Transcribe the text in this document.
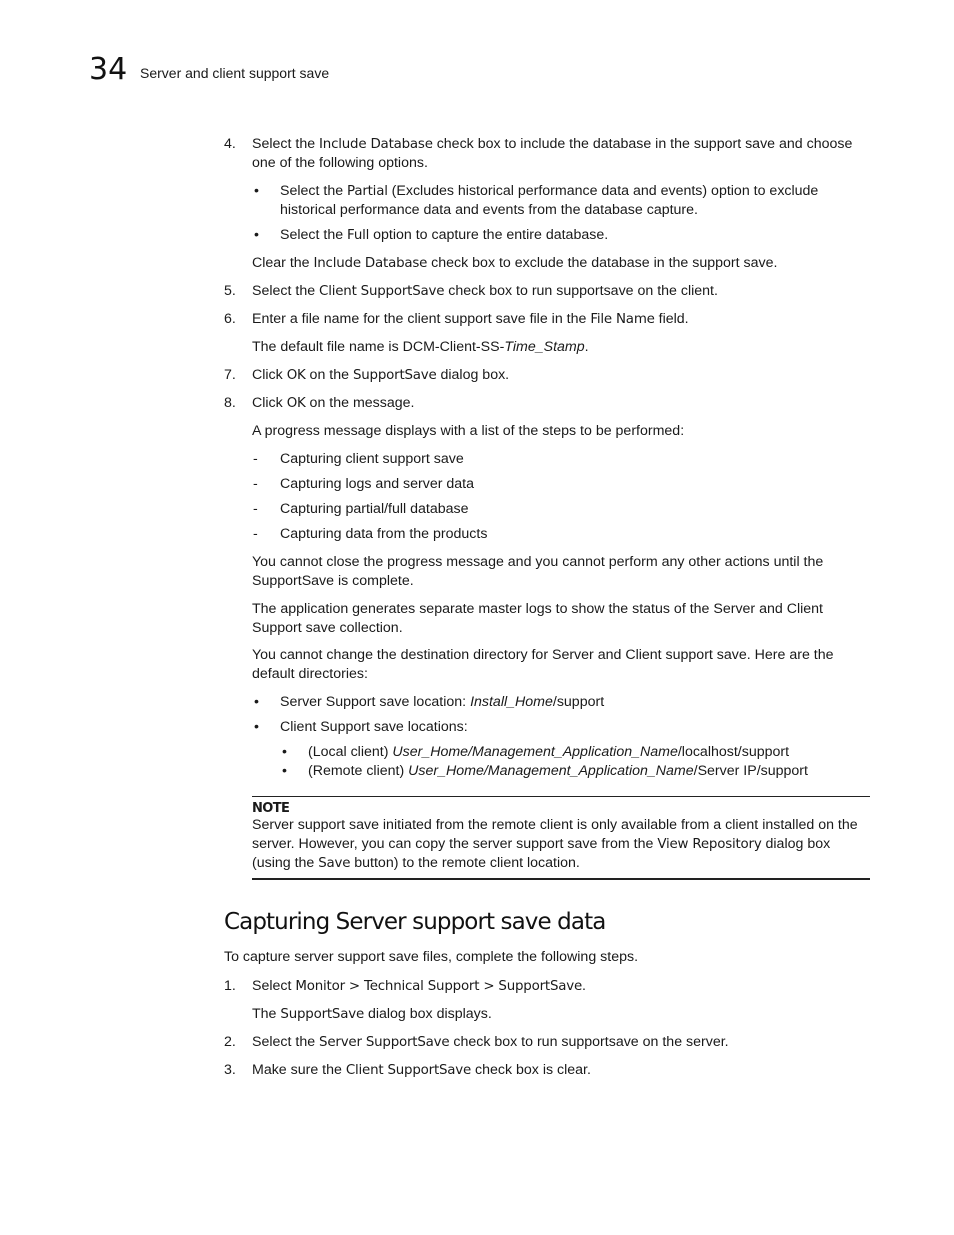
34 Server and client support save
4. Select the Include Database check box to include the database in the support save and choose one of the following options.
• Select the Partial (Excludes historical performance data and events) option to exclude historical performance data and events from the database capture.
• Select the Full option to capture the entire database.
Clear the Include Database check box to exclude the database in the support save.
5. Select the Client SupportSave check box to run supportsave on the client.
6. Enter a file name for the client support save file in the File Name field.
The default file name is DCM-Client-SS-Time_Stamp.
7. Click OK on the SupportSave dialog box.
8. Click OK on the message.
A progress message displays with a list of the steps to be performed:
- Capturing client support save
- Capturing logs and server data
- Capturing partial/full database
- Capturing data from the products
You cannot close the progress message and you cannot perform any other actions until the SupportSave is complete.
The application generates separate master logs to show the status of the Server and Client Support save collection.
You cannot change the destination directory for Server and Client support save. Here are the default directories:
• Server Support save location: Install_Home/support
• Client Support save locations:
• (Local client) User_Home/Management_Application_Name/localhost/support
• (Remote client) User_Home/Management_Application_Name/Server IP/support
NOTE
Server support save initiated from the remote client is only available from a client installed on the server. However, you can copy the server support save from the View Repository dialog box (using the Save button) to the remote client location.
Capturing Server support save data
To capture server support save files, complete the following steps.
1. Select Monitor > Technical Support > SupportSave.
The SupportSave dialog box displays.
2. Select the Server SupportSave check box to run supportsave on the server.
3. Make sure the Client SupportSave check box is clear.
